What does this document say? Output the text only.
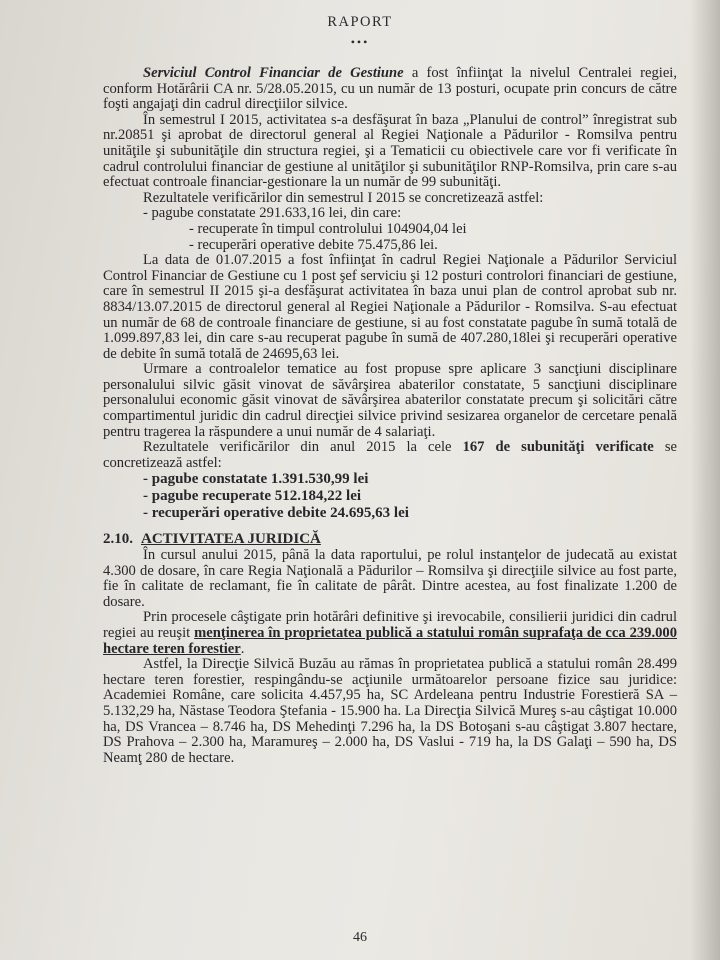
RAPORT
•••

Serviciul Control Financiar de Gestiune a fost înfiinţat la nivelul Centralei regiei, conform Hotărârii CA nr. 5/28.05.2015, cu un număr de 13 posturi, ocupate prin concurs de către foşti angajaţi din cadrul direcţiilor silvice.

În semestrul I 2015, activitatea s-a desfăşurat în baza „Planului de control” înregistrat sub nr.20851 şi aprobat de directorul general al Regiei Naţionale a Pădurilor - Romsilva pentru unităţile şi subunităţile din structura regiei, şi a Tematicii cu obiectivele care vor fi verificate în cadrul controlului financiar de gestiune al unităţilor şi subunităţilor RNP-Romsilva, prin care s-au efectuat controale financiar-gestionare la un număr de 99 subunităţi.

Rezultatele verificărilor din semestrul I 2015 se concretizează astfel:

- pagube constatate 291.633,16 lei, din care:

- recuperate în timpul controlului 104904,04 lei

- recuperări operative debite 75.475,86 lei.

La data de 01.07.2015 a fost înfiinţat în cadrul Regiei Naţionale a Pădurilor Serviciul Control Financiar de Gestiune cu 1 post şef serviciu şi 12 posturi controlori financiari de gestiune, care în semestrul II 2015 şi-a desfăşurat activitatea în baza unui plan de control aprobat sub nr. 8834/13.07.2015 de directorul general al Regiei Naţionale a Pădurilor - Romsilva. S-au efectuat un număr de 68 de controale financiare de gestiune, si au fost constatate pagube în sumă totală de 1.099.897,83 lei, din care s-au recuperat pagube în sumă de 407.280,18lei şi recuperări operative de debite în sumă totală de 24695,63 lei.

Urmare a controalelor tematice au fost propuse spre aplicare 3 sancţiuni disciplinare personalului silvic găsit vinovat de săvârşirea abaterilor constatate, 5 sancţiuni disciplinare personalului economic găsit vinovat de săvârşirea abaterilor constatate precum şi solicitări către compartimentul juridic din cadrul direcţiei silvice privind sesizarea organelor de cercetare penală pentru tragerea la răspundere a unui număr de 4 salariaţi.

Rezultatele verificărilor din anul 2015 la cele 167 de subunităţi verificate se concretizează astfel:

- pagube constatate 1.391.530,99 lei

- pagube recuperate 512.184,22 lei

- recuperări operative debite 24.695,63 lei

2.10. ACTIVITATEA JURIDICĂ

În cursul anului 2015, până la data raportului, pe rolul instanţelor de judecată au existat 4.300 de dosare, în care Regia Naţională a Pădurilor – Romsilva şi direcţiile silvice au fost parte, fie în calitate de reclamant, fie în calitate de pârât. Dintre acestea, au fost finalizate 1.200 de dosare.

Prin procesele câştigate prin hotărâri definitive şi irevocabile, consilierii juridici din cadrul regiei au reuşit menţinerea în proprietatea publică a statului român suprafaţa de cca 239.000 hectare teren forestier.

Astfel, la Direcţie Silvică Buzău au rămas în proprietatea publică a statului român 28.499 hectare teren forestier, respingându-se acţiunile următoarelor persoane fizice sau juridice: Academiei Române, care solicita 4.457,95 ha, SC Ardeleana pentru Industrie Forestieră SA – 5.132,29 ha, Năstase Teodora Ştefania - 15.900 ha. La Direcţia Silvică Mureş s-au câştigat 10.000 ha, DS Vrancea – 8.746 ha, DS Mehedinţi 7.296 ha, la DS Botoşani s-au câştigat 3.807 hectare, DS Prahova – 2.300 ha, Maramureş – 2.000 ha, DS Vaslui - 719 ha, la DS Galaţi – 590 ha, DS Neamţ 280 de hectare.

46
